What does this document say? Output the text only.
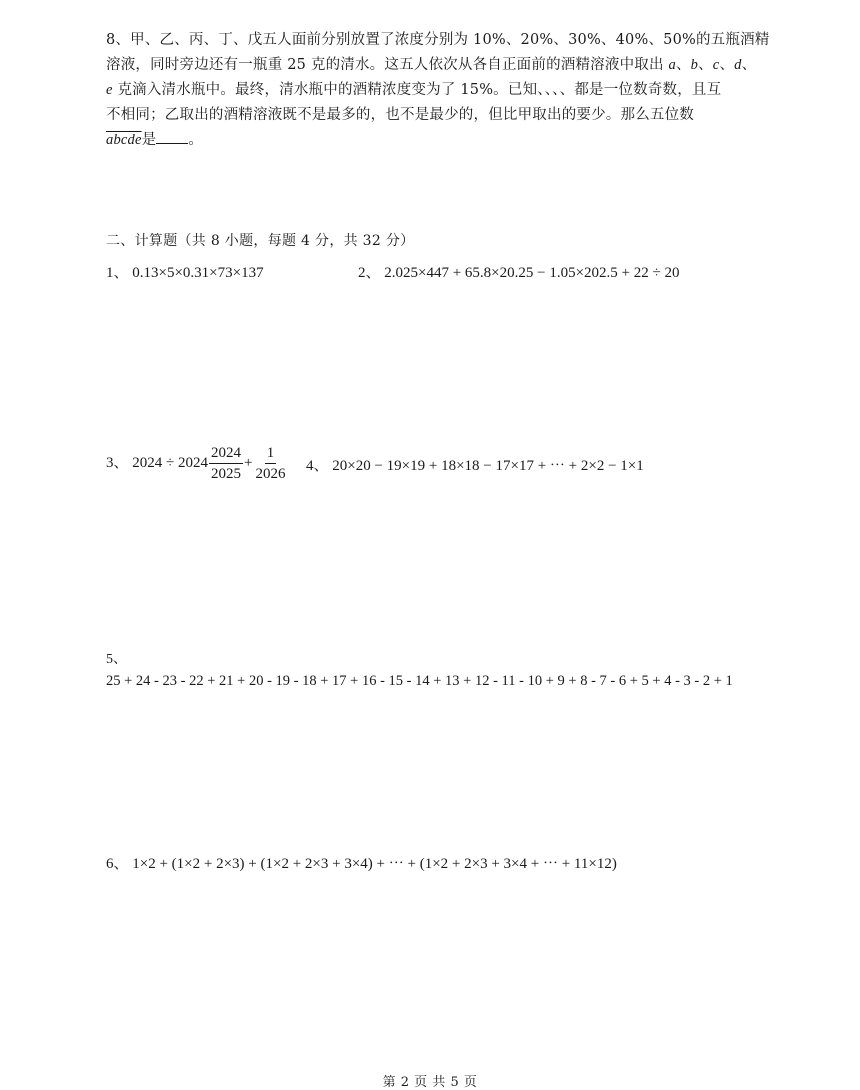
8、甲、乙、丙、丁、戊五人面前分别放置了浓度分别为 10%、20%、30%、40%、50%的五瓶酒精
溶液，同时旁边还有一瓶重 25 克的清水。这五人依次从各自正面前的酒精溶液中取出 a、b、c、d、
e 克滴入清水瓶中。最终，清水瓶中的酒精浓度变为了 15%。已知、、、、都是一位数奇数，且互
不相同；乙取出的酒精溶液既不是最多的，也不是最少的，但比甲取出的要少。那么五位数
abcde是 。
二、计算题（共 8 小题，每题 4 分，共 32 分）
1、 0.13×5×0.31×73×137	2、 2.025×447 + 65.8×20.25 − 1.05×202.5 + 22 ÷ 20
3、 $2024 \div 2024 \frac{2024}{2025} + \frac{1}{2026} 4$、 20×20 − 19×19 + 18×18 − 17×17 + ⋯ + 2×2 − 1×1
5、
25 + 24 - 23 - 22 + 21 + 20 - 19 - 18 + 17 + 16 - 15 - 14 + 13 + 12 - 11 - 10 + 9 + 8 - 7 - 6 + 5 + 4 - 3 - 2 + 1
6、 1×2 + (1×2 + 2×3) + (1×2 + 2×3 + 3×4) + ⋯ + (1×2 + 2×3 + 3×4 + ⋯ + 11×12)
第 2 页 共 5 页
